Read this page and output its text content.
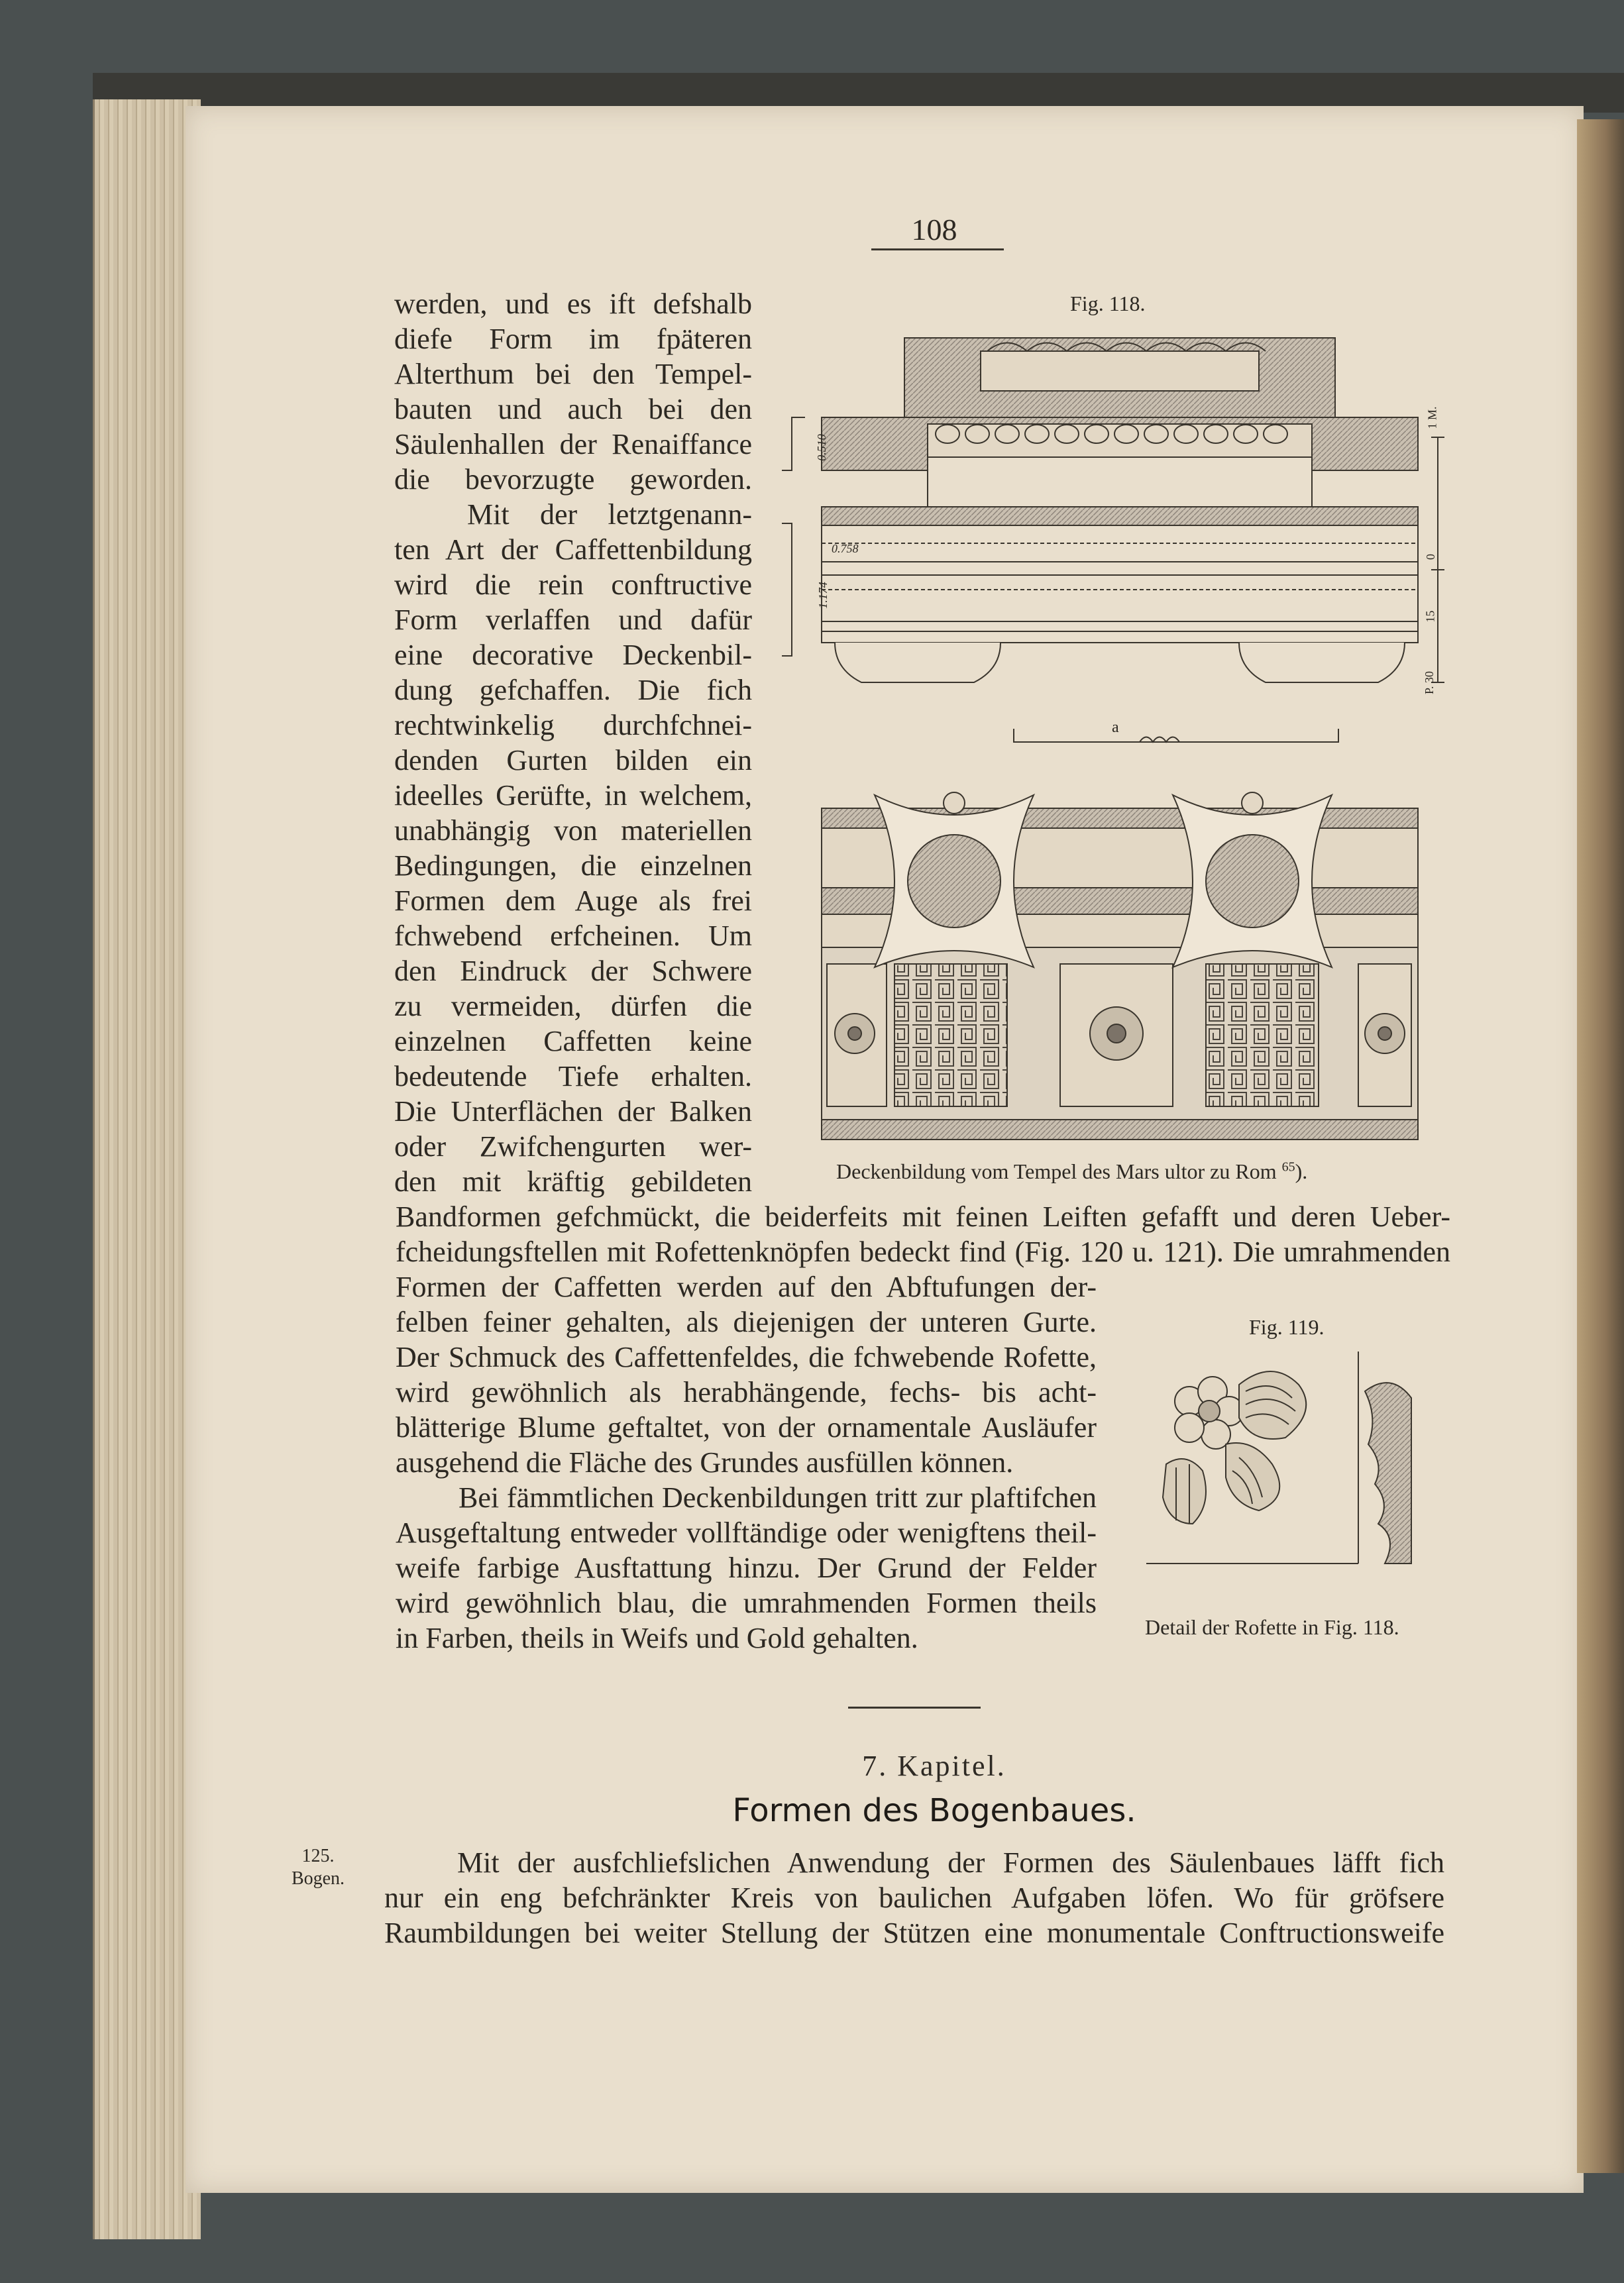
108
werden, und es ift defshalb
diefe Form im fpäteren
Alterthum bei den Tempel-
bauten und auch bei den
Säulenhallen der Renaiffance
die bevorzugte geworden.
Mit der letztgenann-
ten Art der Caffettenbildung
wird die rein conftructive
Form verlaffen und dafür
eine decorative Deckenbil-
dung gefchaffen. Die fich
rechtwinkelig durchfchnei-
denden Gurten bilden ein
ideelles Gerüfte, in welchem,
unabhängig von materiellen
Bedingungen, die einzelnen
Formen dem Auge als frei
fchwebend erfcheinen. Um
den Eindruck der Schwere
zu vermeiden, dürfen die
einzelnen Caffetten keine
bedeutende Tiefe erhalten.
Die Unterflächen der Balken
oder Zwifchengurten wer-
den mit kräftig gebildeten
Fig. 118.
0.510
0.758
1.174
a
1 M.
0
15
P. 30
Deckenbildung vom Tempel des Mars ultor zu Rom $^{65}$).
Bandformen gefchmückt, die beiderfeits mit feinen Leiften gefafft und deren Ueber-
fcheidungsftellen mit Rofettenknöpfen bedeckt find (Fig. 120 u. 121). Die umrahmenden
Formen der Caffetten werden auf den Abftufungen der-
felben feiner gehalten, als diejenigen der unteren Gurte.
Der Schmuck des Caffettenfeldes, die fchwebende Rofette,
wird gewöhnlich als herabhängende, fechs- bis acht-
blätterige Blume geftaltet, von der ornamentale Ausläufer
ausgehend die Fläche des Grundes ausfüllen können.
Bei fämmtlichen Deckenbildungen tritt zur plaftifchen
Ausgeftaltung entweder vollftändige oder wenigftens theil-
weife farbige Ausftattung hinzu. Der Grund der Felder
wird gewöhnlich blau, die umrahmenden Formen theils
in Farben, theils in Weifs und Gold gehalten.
Fig. 119.
Detail der Rofette in Fig. 118.
7. Kapitel.
Formen des Bogenbaues.
125.
Bogen.	Mit der ausfchliefslichen Anwendung der Formen des Säulenbaues läfft fich
nur ein eng befchränkter Kreis von baulichen Aufgaben löfen. Wo für gröfsere
Raumbildungen bei weiter Stellung der Stützen eine monumentale Conftructionsweife
